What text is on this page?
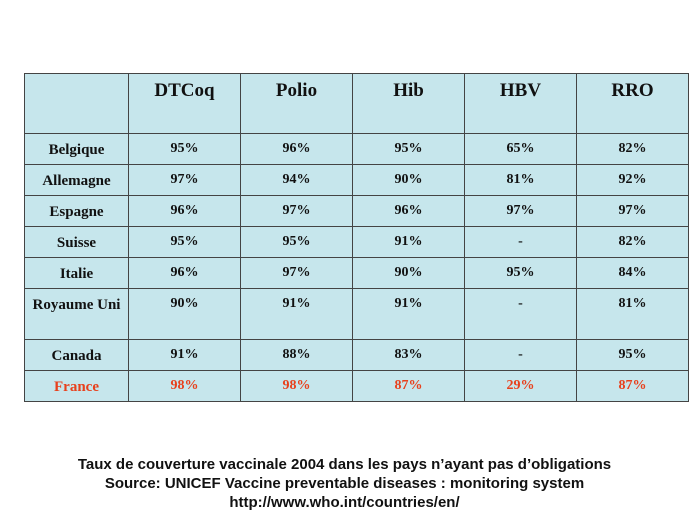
	DTCoq	Polio	Hib	HBV	RRO
Belgique	95%	96%	95%	65%	82%
Allemagne	97%	94%	90%	81%	92%
Espagne	96%	97%	96%	97%	97%
Suisse	95%	95%	91%	-	82%
Italie	96%	97%	90%	95%	84%
Royaume Uni	90%	91%	91%	-	81%
Canada	91%	88%	83%	-	95%
France	98%	98%	87%	29%	87%
Taux de couverture vaccinale 2004 dans les pays n’ayant pas d’obligations
Source: UNICEF Vaccine preventable diseases : monitoring system
http://www.who.int/countries/en/
